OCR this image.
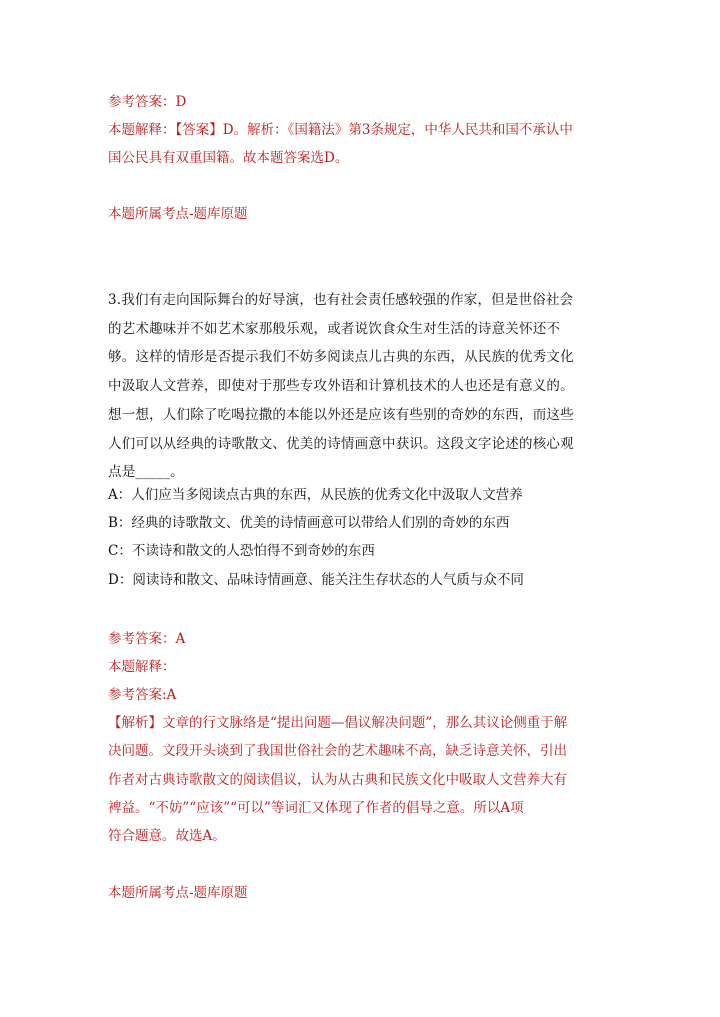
参考答案：D
本题解释：【答案】D。解析：《国籍法》第3条规定，中华人民共和国不承认中
国公民具有双重国籍。故本题答案选D。
本题所属考点-题库原题
3.我们有走向国际舞台的好导演，也有社会责任感较强的作家，但是世俗社会
的艺术趣味并不如艺术家那般乐观，或者说饮食众生对生活的诗意关怀还不
够。这样的情形是否提示我们不妨多阅读点儿古典的东西，从民族的优秀文化
中汲取人文营养，即使对于那些专攻外语和计算机技术的人也还是有意义的。
想一想，人们除了吃喝拉撒的本能以外还是应该有些别的奇妙的东西，而这些
人们可以从经典的诗歌散文、优美的诗情画意中获识。这段文字论述的核心观
点是_____。
A：人们应当多阅读点古典的东西，从民族的优秀文化中汲取人文营养
B：经典的诗歌散文、优美的诗情画意可以带给人们别的奇妙的东西
C：不读诗和散文的人恐怕得不到奇妙的东西
D：阅读诗和散文、品味诗情画意、能关注生存状态的人气质与众不同
参考答案：A
本题解释：
参考答案:A
【解析】文章的行文脉络是“提出问题—倡议解决问题”，那么其议论侧重于解
决问题。文段开头谈到了我国世俗社会的艺术趣味不高，缺乏诗意关怀，引出
作者对古典诗歌散文的阅读倡议，认为从古典和民族文化中吸取人文营养大有
裨益。“不妨”“应该”“可以”等词汇又体现了作者的倡导之意。所以A项
符合题意。故选A。
本题所属考点-题库原题
